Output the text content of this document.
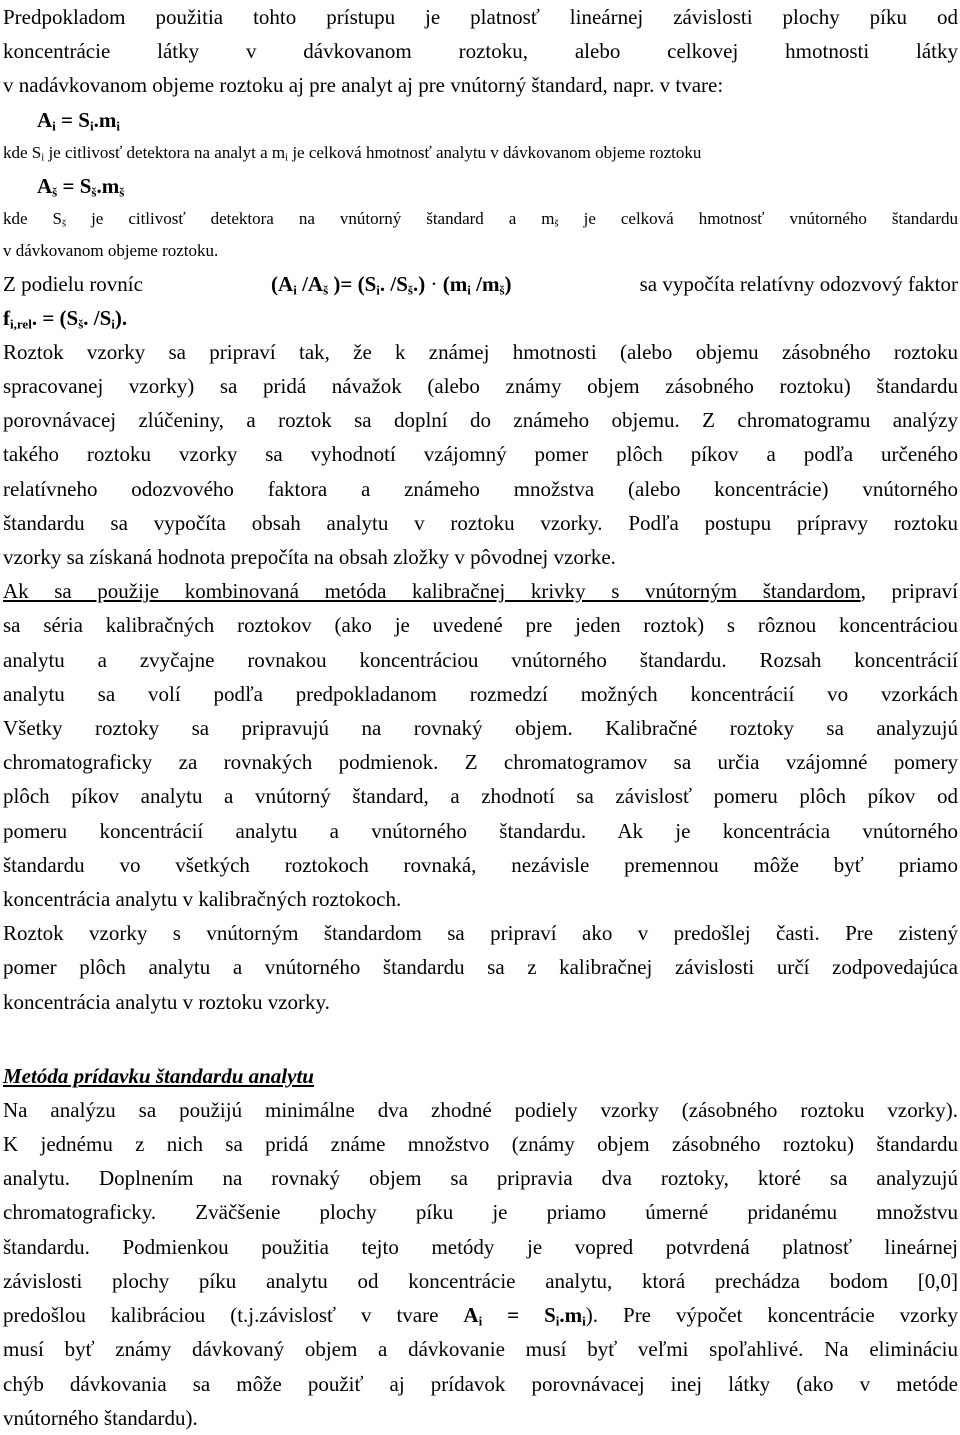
Predpokladom použitia tohto prístupu je platnosť lineárnej závislosti plochy píku od
koncentrácie látky v dávkovanom roztoku, alebo celkovej hmotnosti látky
v nadávkovanom objeme roztoku aj pre analyt aj pre vnútorný štandard, napr. v tvare:
$A_i = S_i.m_i$
kde $S_i$ je citlivosť detektora na analyt a $m_i$ je celková hmotnosť analytu v dávkovanom objeme roztoku
$A_š = S_š.m_š$
kde $S_š$ je citlivosť detektora na vnútorný štandard a $m_š$ je celková hmotnosť vnútorného štandardu
v dávkovanom objeme roztoku.
Z podielu rovníc	($A_i$ $/A_š$ )= ($S_i$. $/S_š.) \cdot (m_i$ $/m_š$)	sa vypočíta relatívny odozvový faktor
$f_{i,rel}$. = ($S_š$. $/S_i$).
Roztok vzorky sa pripraví tak, že k známej hmotnosti (alebo objemu zásobného roztoku
spracovanej vzorky) sa pridá návažok (alebo známy objem zásobného roztoku) štandardu
porovnávacej zlúčeniny, a roztok sa doplní do známeho objemu. Z chromatogramu analýzy
takého roztoku vzorky sa vyhodnotí vzájomný pomer plôch píkov a podľa určeného
relatívneho odozvového faktora a známeho množstva (alebo koncentrácie) vnútorného
štandardu sa vypočíta obsah analytu v roztoku vzorky. Podľa postupu prípravy roztoku
vzorky sa získaná hodnota prepočíta na obsah zložky v pôvodnej vzorke.
Ak sa použije kombinovaná metóda kalibračnej krivky s vnútorným štandardom, pripraví
sa séria kalibračných roztokov (ako je uvedené pre jeden roztok) s rôznou koncentráciou
analytu a zvyčajne rovnakou koncentráciou vnútorného štandardu. Rozsah koncentrácií
analytu sa volí podľa predpokladanom rozmedzí možných koncentrácií vo vzorkách
Všetky roztoky sa pripravujú na rovnaký objem. Kalibračné roztoky sa analyzujú
chromatograficky za rovnakých podmienok. Z chromatogramov sa určia vzájomné pomery
plôch píkov analytu a vnútorný štandard, a zhodnotí sa závislosť pomeru plôch píkov od
pomeru koncentrácií analytu a vnútorného štandardu. Ak je koncentrácia vnútorného
štandardu vo všetkých roztokoch rovnaká, nezávisle premennou môže byť priamo
koncentrácia analytu v kalibračných roztokoch.
Roztok vzorky s vnútorným štandardom sa pripraví ako v predošlej časti. Pre zistený
pomer plôch analytu a vnútorného štandardu sa z kalibračnej závislosti určí zodpovedajúca
koncentrácia analytu v roztoku vzorky.
Metóda prídavku štandardu analytu
Na analýzu sa použijú minimálne dva zhodné podiely vzorky (zásobného roztoku vzorky).
K jednému z nich sa pridá známe množstvo (známy objem zásobného roztoku) štandardu
analytu. Doplnením na rovnaký objem sa pripravia dva roztoky, ktoré sa analyzujú
chromatograficky. Zväčšenie plochy píku je priamo úmerné pridanému množstvu
štandardu. Podmienkou použitia tejto metódy je vopred potvrdená platnosť lineárnej
závislosti plochy píku analytu od koncentrácie analytu, ktorá prechádza bodom [0,0]
predošlou kalibráciou (t.j.závislosť v tvare $A_i = S_i.m_i$). Pre výpočet koncentrácie vzorky
musí byť známy dávkovaný objem a dávkovanie musí byť veľmi spoľahlivé. Na elimináciu
chýb dávkovania sa môže použiť aj prídavok porovnávacej inej látky (ako v metóde
vnútorného štandardu).
